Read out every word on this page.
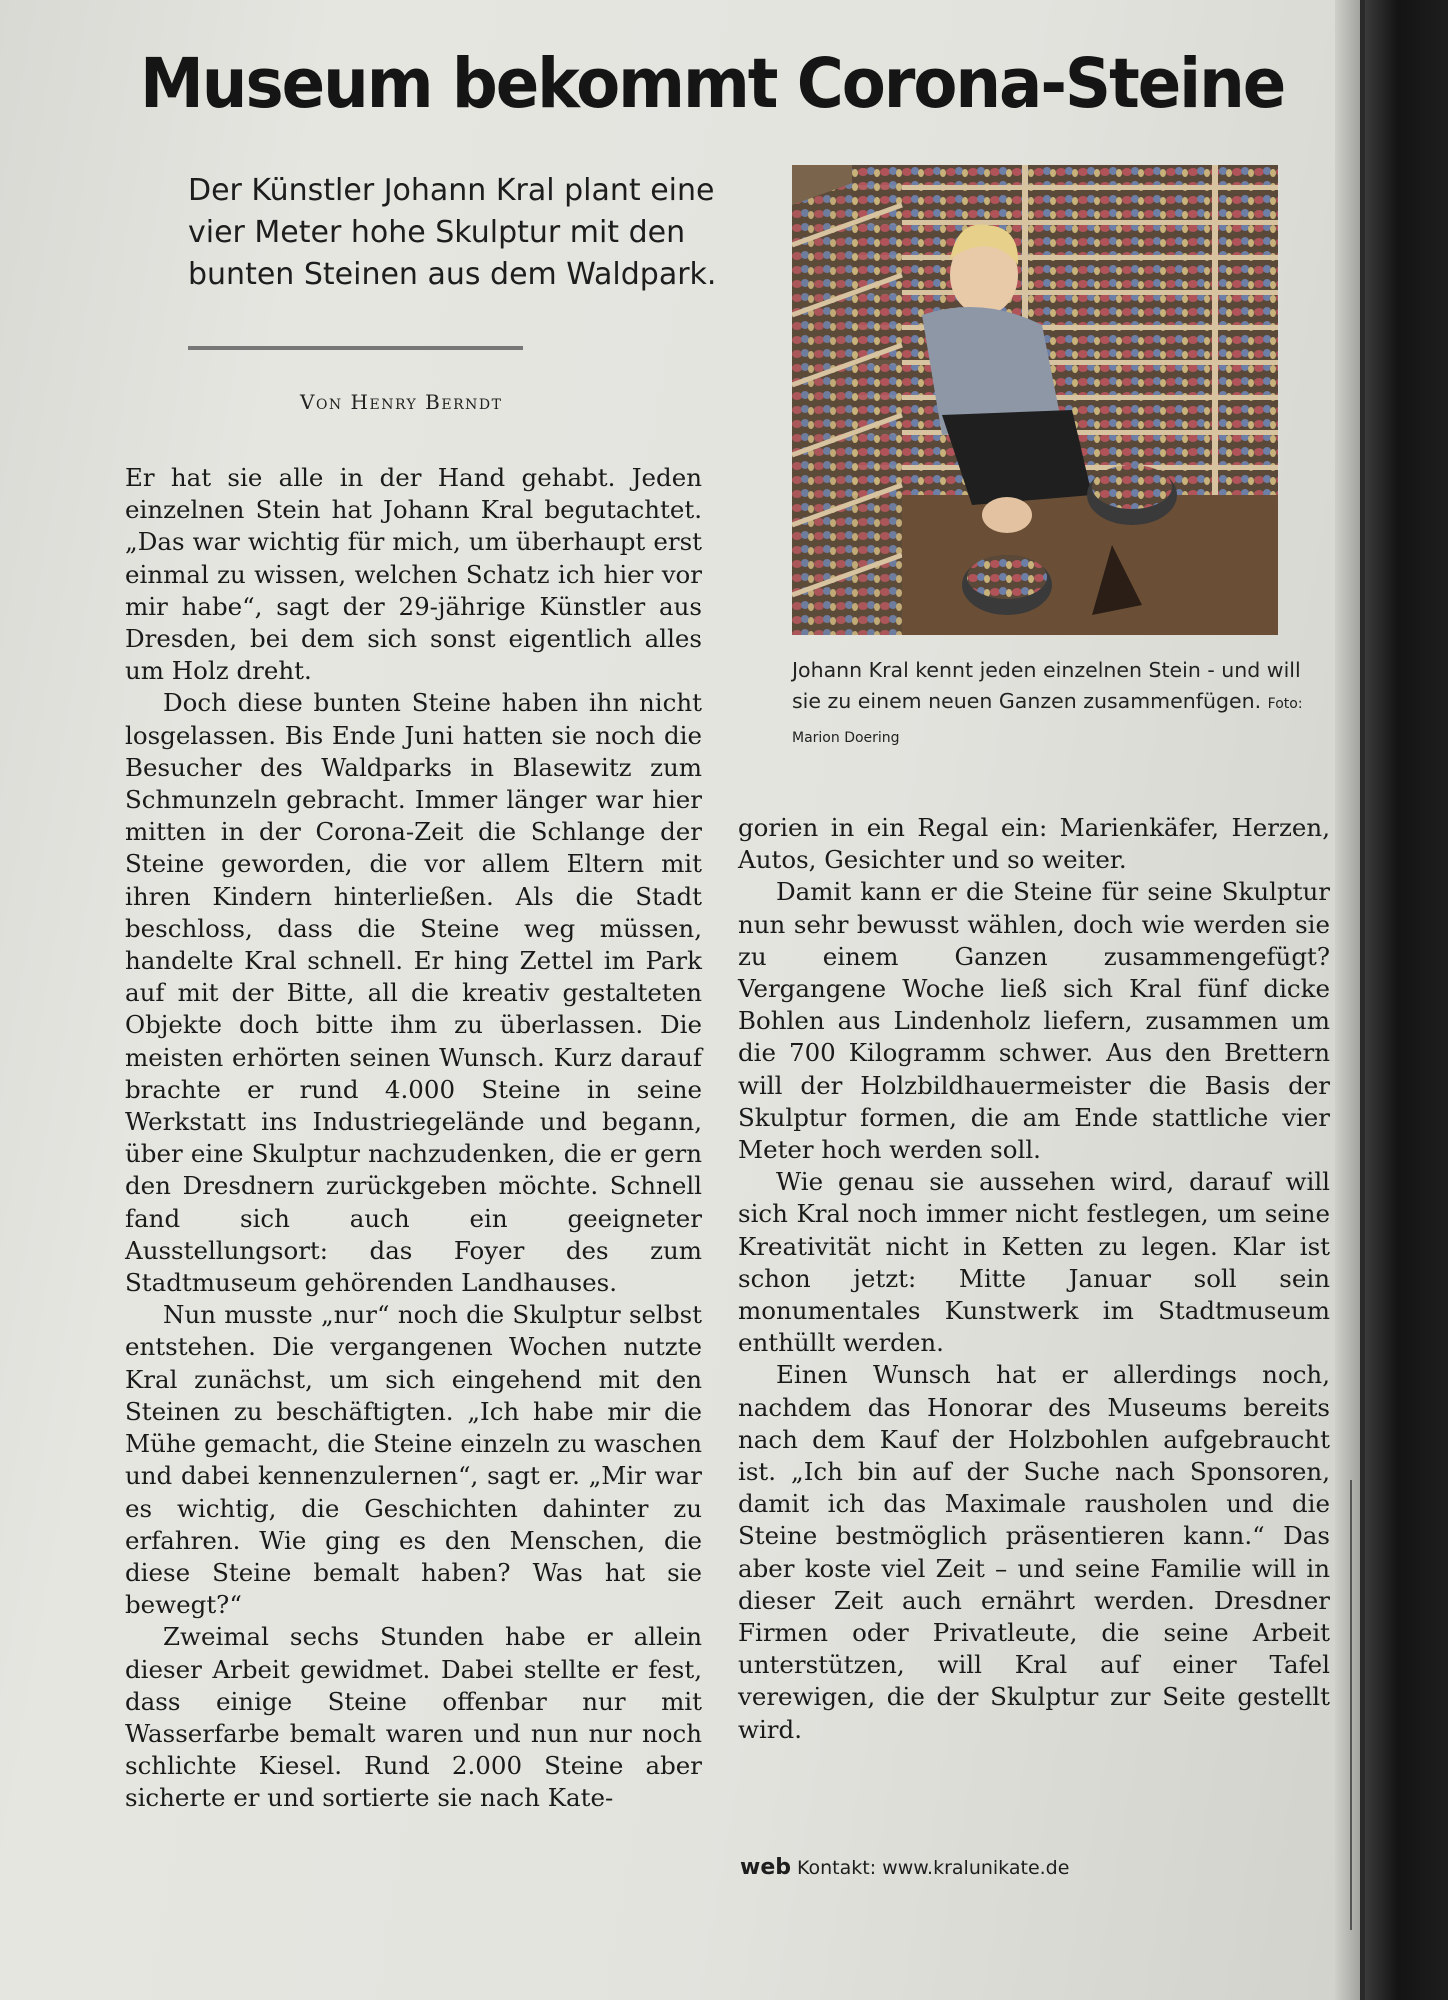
Museum bekommt Corona-Steine
Der Künstler Johann Kral plant eine vier Meter hohe Skulptur mit den bunten Steinen aus dem Waldpark.
Von Henry Berndt

Er hat sie alle in der Hand gehabt. Jeden einzelnen Stein hat Johann Kral begutachtet. „Das war wichtig für mich, um überhaupt erst einmal zu wissen, welchen Schatz ich hier vor mir habe“, sagt der 29-jährige Künstler aus Dresden, bei dem sich sonst eigentlich alles um Holz dreht.

Doch diese bunten Steine haben ihn nicht losgelassen. Bis Ende Juni hatten sie noch die Besucher des Waldparks in Blasewitz zum Schmunzeln gebracht. Immer länger war hier mitten in der Corona-Zeit die Schlange der Steine geworden, die vor allem Eltern mit ihren Kindern hinterließen. Als die Stadt beschloss, dass die Steine weg müssen, handelte Kral schnell. Er hing Zettel im Park auf mit der Bitte, all die kreativ gestalteten Objekte doch bitte ihm zu überlassen. Die meisten erhörten seinen Wunsch. Kurz darauf brachte er rund 4.000 Steine in seine Werkstatt ins Industriegelände und begann, über eine Skulptur nachzudenken, die er gern den Dresdnern zurückgeben möchte. Schnell fand sich auch ein geeigneter Ausstellungsort: das Foyer des zum Stadtmuseum gehörenden Landhauses.

Nun musste „nur“ noch die Skulptur selbst entstehen. Die vergangenen Wochen nutzte Kral zunächst, um sich eingehend mit den Steinen zu beschäftigten. „Ich habe mir die Mühe gemacht, die Steine einzeln zu waschen und dabei kennenzulernen“, sagt er. „Mir war es wichtig, die Geschichten dahinter zu erfahren. Wie ging es den Menschen, die diese Steine bemalt haben? Was hat sie bewegt?“

Zweimal sechs Stunden habe er allein dieser Arbeit gewidmet. Dabei stellte er fest, dass einige Steine offenbar nur mit Wasserfarbe bemalt waren und nun nur noch schlichte Kiesel. Rund 2.000 Steine aber sicherte er und sortierte sie nach Kate-

Johann Kral kennt jeden einzelnen Stein - und will sie zu einem neuen Ganzen zusammenfügen. Foto: Marion Doering

gorien in ein Regal ein: Marienkäfer, Herzen, Autos, Gesichter und so weiter.

Damit kann er die Steine für seine Skulptur nun sehr bewusst wählen, doch wie werden sie zu einem Ganzen zusammengefügt? Vergangene Woche ließ sich Kral fünf dicke Bohlen aus Lindenholz liefern, zusammen um die 700 Kilogramm schwer. Aus den Brettern will der Holzbildhauermeister die Basis der Skulptur formen, die am Ende stattliche vier Meter hoch werden soll.

Wie genau sie aussehen wird, darauf will sich Kral noch immer nicht festlegen, um seine Kreativität nicht in Ketten zu legen. Klar ist schon jetzt: Mitte Januar soll sein monumentales Kunstwerk im Stadtmuseum enthüllt werden.

Einen Wunsch hat er allerdings noch, nachdem das Honorar des Museums bereits nach dem Kauf der Holzbohlen aufgebraucht ist. „Ich bin auf der Suche nach Sponsoren, damit ich das Maximale rausholen und die Steine bestmöglich präsentieren kann.“ Das aber koste viel Zeit – und seine Familie will in dieser Zeit auch ernährt werden. Dresdner Firmen oder Privatleute, die seine Arbeit unterstützen, will Kral auf einer Tafel verewigen, die der Skulptur zur Seite gestellt wird.

web Kontakt: www.kralunikate.de
